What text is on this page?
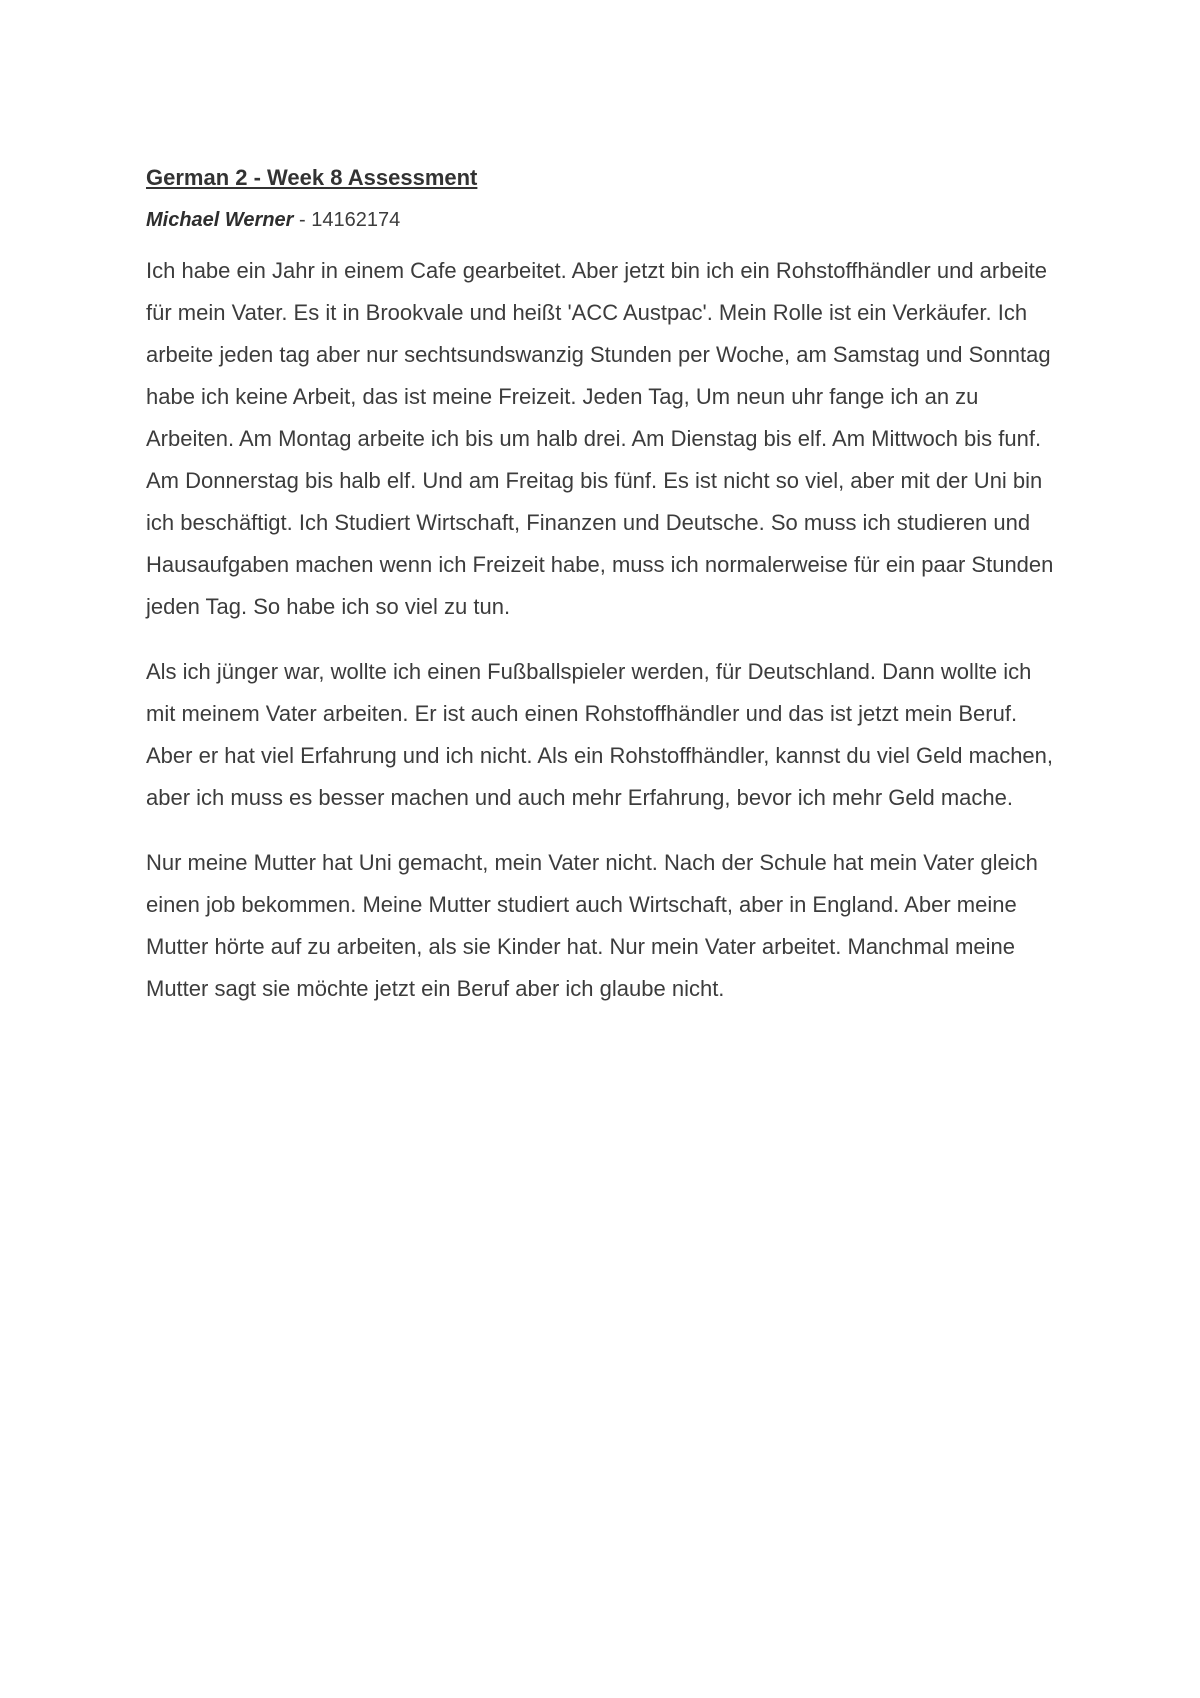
German 2 - Week 8 Assessment

Michael Werner - 14162174

Ich habe ein Jahr in einem Cafe gearbeitet. Aber jetzt bin ich ein Rohstoffhändler und arbeite für mein Vater. Es it in Brookvale und heißt 'ACC Austpac'. Mein Rolle ist ein Verkäufer. Ich arbeite jeden tag aber nur sechtsundswanzig Stunden per Woche, am Samstag und Sonntag habe ich keine Arbeit, das ist meine Freizeit. Jeden Tag, Um neun uhr fange ich an zu Arbeiten. Am Montag arbeite ich bis um halb drei. Am Dienstag bis elf. Am Mittwoch bis funf. Am Donnerstag bis halb elf. Und am Freitag bis fünf. Es ist nicht so viel, aber mit der Uni bin ich beschäftigt. Ich Studiert Wirtschaft, Finanzen und Deutsche. So muss ich studieren und Hausaufgaben machen wenn ich Freizeit habe, muss ich normalerweise für ein paar Stunden jeden Tag. So habe ich so viel zu tun.

Als ich jünger war, wollte ich einen Fußballspieler werden, für Deutschland. Dann wollte ich mit meinem Vater arbeiten. Er ist auch einen Rohstoffhändler und das ist jetzt mein Beruf. Aber er hat viel Erfahrung und ich nicht. Als ein Rohstoffhändler, kannst du viel Geld machen, aber ich muss es besser machen und auch mehr Erfahrung, bevor ich mehr Geld mache.

Nur meine Mutter hat Uni gemacht, mein Vater nicht. Nach der Schule hat mein Vater gleich einen job bekommen. Meine Mutter studiert auch Wirtschaft, aber in England. Aber meine Mutter hörte auf zu arbeiten, als sie Kinder hat. Nur mein Vater arbeitet. Manchmal meine Mutter sagt sie möchte jetzt ein Beruf aber ich glaube nicht.
